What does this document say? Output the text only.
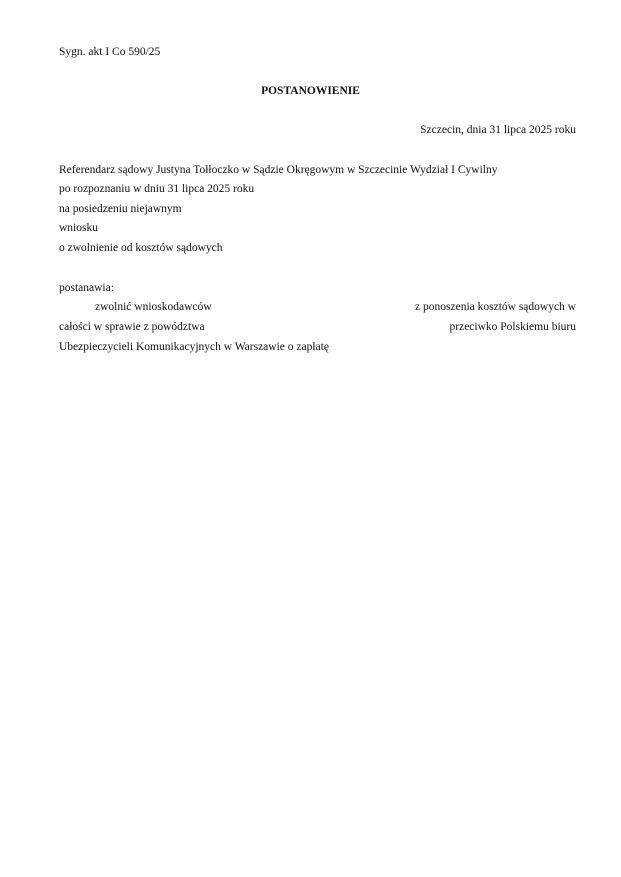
Sygn. akt I Co 590/25
POSTANOWIENIE
Szczecin, dnia 31 lipca 2025 roku
Referendarz sądowy Justyna Tołłoczko w Sądzie Okręgowym w Szczecinie Wydział I Cywilny
po rozpoznaniu w dniu 31 lipca 2025 roku
na posiedzeniu niejawnym
wniosku
o zwolnienie od kosztów sądowych
postanawia:
zwolnić wnioskodawców	z ponoszenia kosztów sądowych w
całości w sprawie z powództwa	przeciwko Polskiemu biuru
Ubezpieczycieli Komunikacyjnych w Warszawie o zapłatę
